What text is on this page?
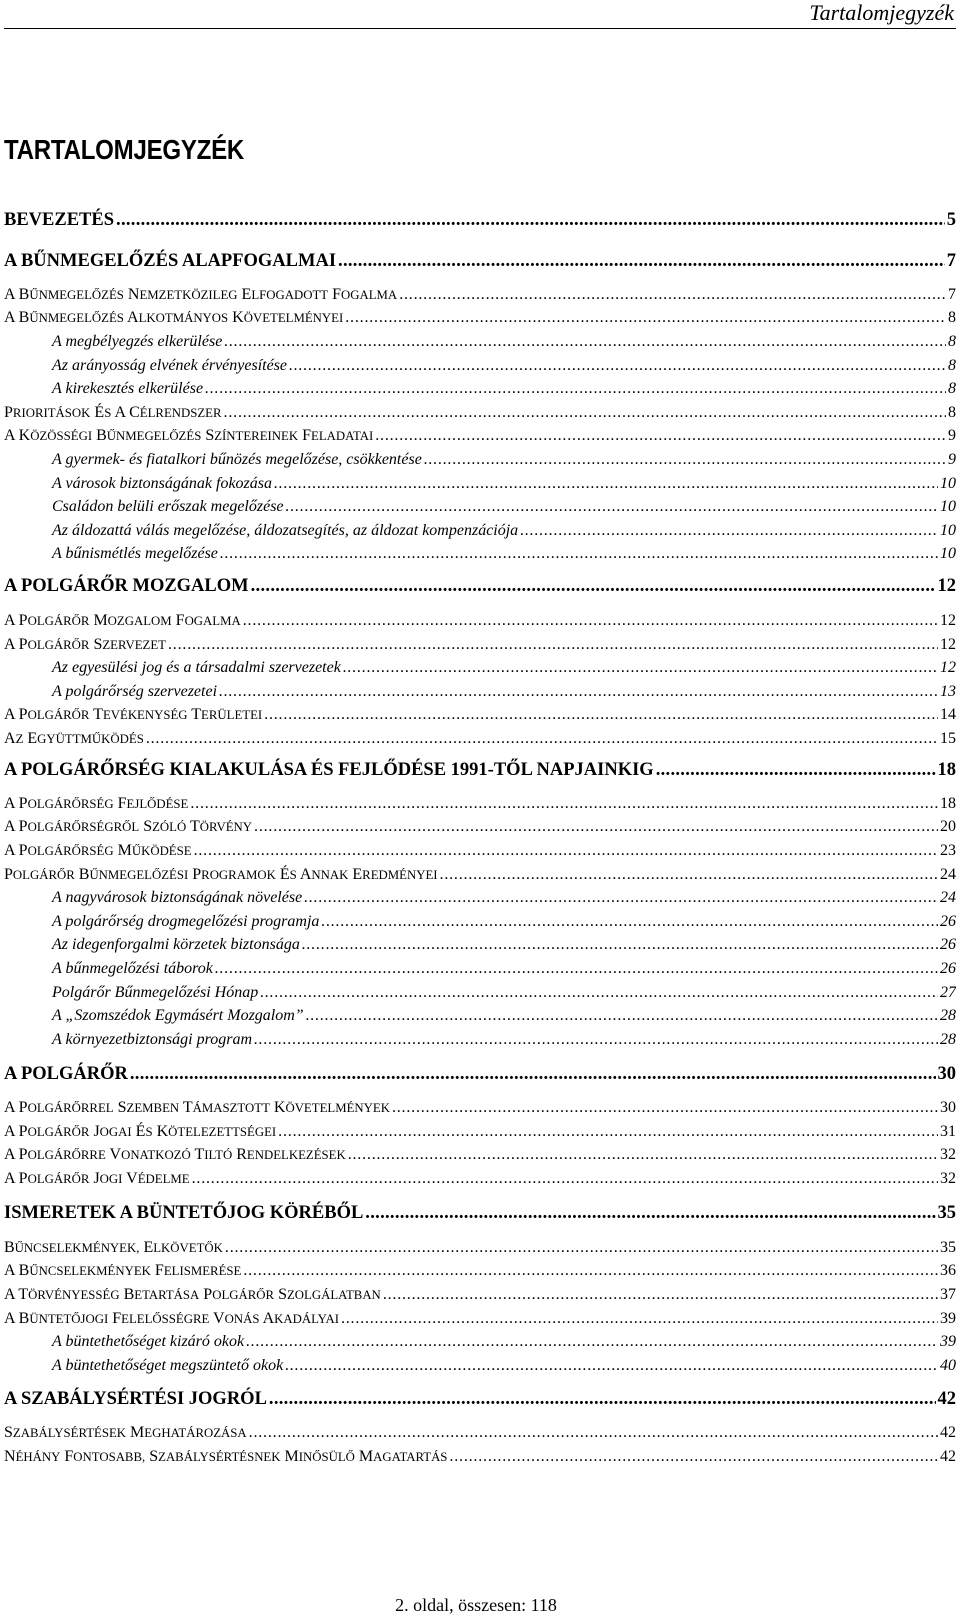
Tartalomjegyzék
TARTALOMJEGYZÉK
BEVEZETÉS .....	5
A BŰNMEGELŐZÉS ALAPFOGALMAI .....	7
A BŰNMEGELŐZÉS NEMZETKÖZILEG ELFOGADOTT FOGALMA .....	7
A BŰNMEGELŐZÉS ALKOTMÁNYOS KÖVETELMÉNYEI .....	8
A megbélyegzés elkerülése .....	8
Az arányosság elvének érvényesítése .....	8
A kirekesztés elkerülése .....	8
PRIORITÁSOK ÉS A CÉLRENDSZER .....	8
A KÖZÖSSÉGI BŰNMEGELŐZÉS SZÍNTEREINEK FELADATAI .....	9
A gyermek- és fiatalkori bűnözés megelőzése, csökkentése .....	9
A városok biztonságának fokozása .....	10
Családon belüli erőszak megelőzése .....	10
Az áldozattá válás megelőzése, áldozatsegítés, az áldozat kompenzációja .....	10
A bűnismétlés megelőzése .....	10
A POLGÁRŐR MOZGALOM .....	12
A POLGÁRŐR MOZGALOM FOGALMA .....	12
A POLGÁRŐR SZERVEZET .....	12
Az egyesülési jog és a társadalmi szervezetek .....	12
A polgárőrség szervezetei .....	13
A POLGÁRŐR TEVÉKENYSÉG TERÜLETEI .....	14
AZ EGYÜTTMŰKÖDÉS .....	15
A POLGÁRŐRSÉG KIALAKULÁSA ÉS FEJLŐDÉSE 1991-TŐL NAPJAINKIG .....	18
A POLGÁRŐRSÉG FEJLŐDÉSE .....	18
A POLGÁRŐRSÉGRŐL SZÓLÓ TÖRVÉNY .....	20
A POLGÁRŐRSÉG MŰKÖDÉSE .....	23
POLGÁRŐR BŰNMEGELŐZÉSI PROGRAMOK ÉS ANNAK EREDMÉNYEI .....	24
A nagyvárosok biztonságának növelése .....	24
A polgárőrség drogmegelőzési programja .....	26
Az idegenforgalmi körzetek biztonsága .....	26
A bűnmegelőzési táborok .....	26
Polgárőr Bűnmegelőzési Hónap .....	27
A „Szomszédok Egymásért Mozgalom” .....	28
A környezetbiztonsági program .....	28
A POLGÁRŐR .....	30
A POLGÁRŐRREL SZEMBEN TÁMASZTOTT KÖVETELMÉNYEK .....	30
A POLGÁRŐR JOGAI ÉS KÖTELEZETTSÉGEI .....	31
A POLGÁRŐRRE VONATKOZÓ TILTÓ RENDELKEZÉSEK .....	32
A POLGÁRŐR JOGI VÉDELME .....	32
ISMERETEK A BÜNTETŐJOG KÖRÉBŐL .....	35
BŰNCSELEKMÉNYEK, ELKÖVETŐK .....	35
A BŰNCSELEKMÉNYEK FELISMERÉSE .....	36
A TÖRVÉNYESSÉG BETARTÁSA POLGÁRŐR SZOLGÁLATBAN .....	37
A BÜNTETŐJOGI FELELŐSSÉGRE VONÁS AKADÁLYAI .....	39
A büntethetőséget kizáró okok .....	39
A büntethetőséget megszüntető okok .....	40
A SZABÁLYSÉRTÉSI JOGRÓL .....	42
SZABÁLYSÉRTÉSEK MEGHATÁROZÁSA .....	42
NÉHÁNY FONTOSABB, SZABÁLYSÉRTÉSNEK MINŐSÜLŐ MAGATARTÁS .....	42
2. oldal, összesen: 118
